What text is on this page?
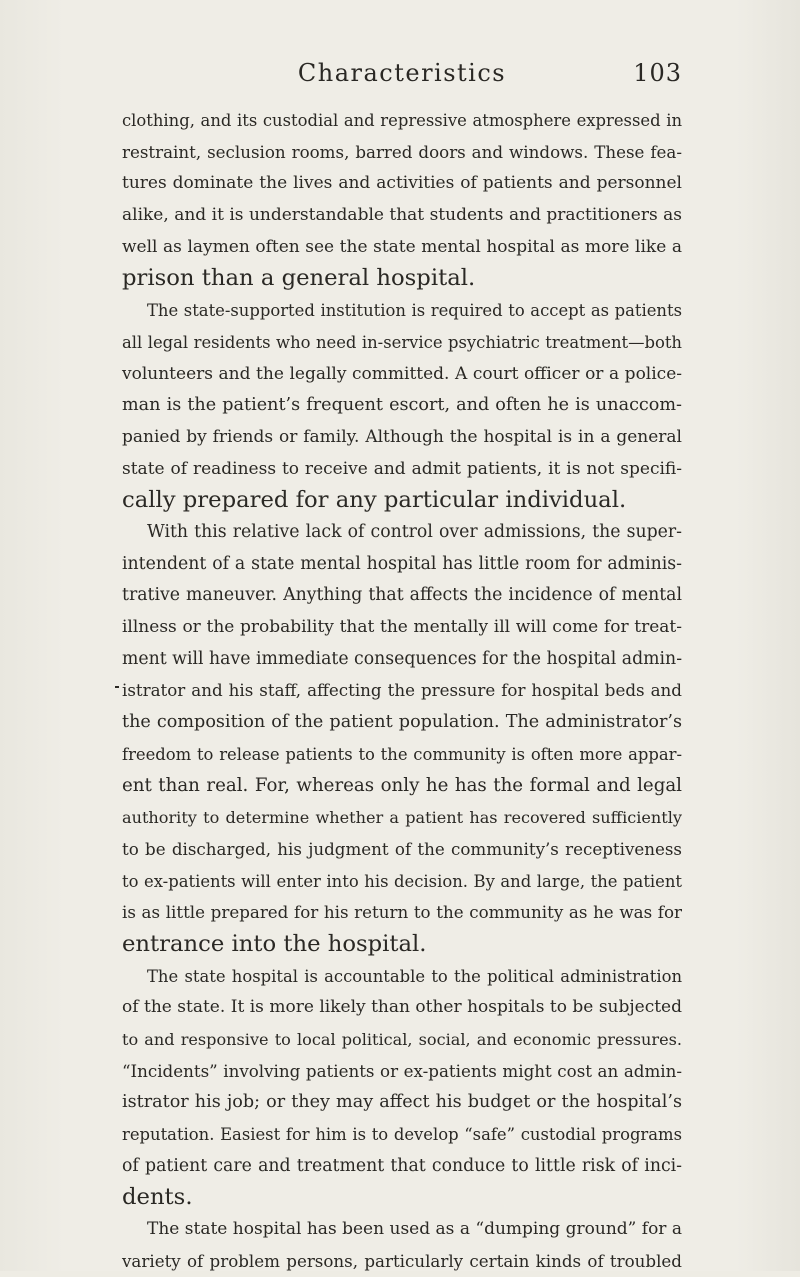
Characteristics	103
clothing, and its custodial and repressive atmosphere expressed in
restraint, seclusion rooms, barred doors and windows. These fea-
tures dominate the lives and activities of patients and personnel
alike, and it is understandable that students and practitioners as
well as laymen often see the state mental hospital as more like a
prison than a general hospital.
The state-supported institution is required to accept as patients
all legal residents who need in-service psychiatric treatment—both
volunteers and the legally committed. A court officer or a police-
man is the patient’s frequent escort, and often he is unaccom-
panied by friends or family. Although the hospital is in a general
state of readiness to receive and admit patients, it is not specifi-
cally prepared for any particular individual.
With this relative lack of control over admissions, the super-
intendent of a state mental hospital has little room for adminis-
trative maneuver. Anything that affects the incidence of mental
illness or the probability that the mentally ill will come for treat-
ment will have immediate consequences for the hospital admin-
istrator and his staff, affecting the pressure for hospital beds and
the composition of the patient population. The administrator’s
freedom to release patients to the community is often more appar-
ent than real. For, whereas only he has the formal and legal
authority to determine whether a patient has recovered sufficiently
to be discharged, his judgment of the community’s receptiveness
to ex-patients will enter into his decision. By and large, the patient
is as little prepared for his return to the community as he was for
entrance into the hospital.
The state hospital is accountable to the political administration
of the state. It is more likely than other hospitals to be subjected
to and responsive to local political, social, and economic pressures.
“Incidents” involving patients or ex-patients might cost an admin-
istrator his job; or they may affect his budget or the hospital’s
reputation. Easiest for him is to develop “safe” custodial programs
of patient care and treatment that conduce to little risk of inci-
dents.
The state hospital has been used as a “dumping ground” for a
variety of problem persons, particularly certain kinds of troubled
